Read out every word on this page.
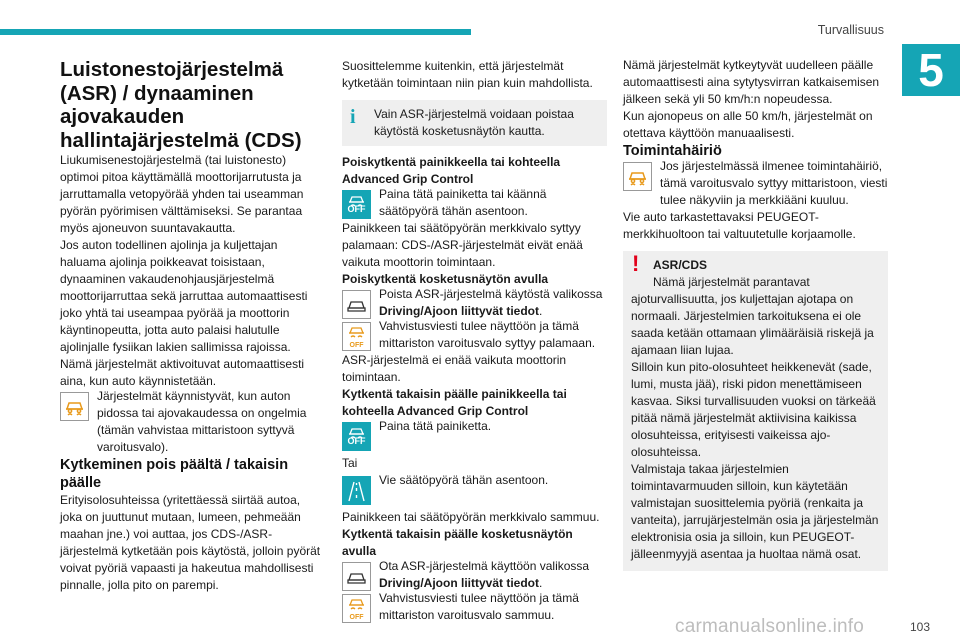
Turvallisuus
5

Luistonestojärjestelmä (ASR) / dynaaminen ajovakauden hallintajärjestelmä (CDS)

Liukumisenestojärjestelmä (tai luistonesto) optimoi pitoa käyttämällä moottorijarrutusta ja jarruttamalla vetopyörää yhden tai useamman pyörän pyörimisen välttämiseksi. Se parantaa myös ajoneuvon suuntavakautta.

Jos auton todellinen ajolinja ja kuljettajan haluama ajolinja poikkeavat toisistaan, dynaaminen vakaudenohjausjärjestelmä moottorijarruttaa sekä jarruttaa automaattisesti joko yhtä tai useampaa pyörää ja moottorin käyntinopeutta, jotta auto palaisi halutulle ajolinjalle fysiikan lakien sallimissa rajoissa.

Nämä järjestelmät aktivoituvat automaattisesti aina, kun auto käynnistetään.

Järjestelmät käynnistyvät, kun auton pidossa tai ajovakaudessa on ongelmia (tämän vahvistaa mittaristoon syttyvä varoitusvalo).

Kytkeminen pois päältä / takaisin päälle

Erityisolosuhteissa (yritettäessä siirtää autoa, joka on juuttunut mutaan, lumeen, pehmeään maahan jne.) voi auttaa, jos CDS-/ASR-järjestelmä kytketään pois käytöstä, jolloin pyörät voivat pyöriä vapaasti ja hakeutua mahdollisesti pinnalle, jolla pito on parempi.

Suosittelemme kuitenkin, että järjestelmät kytketään toimintaan niin pian kuin mahdollista.

i	Vain ASR-järjestelmä voidaan poistaa käytöstä kosketusnäytön kautta.

Poiskytkentä painikkeella tai kohteella Advanced Grip Control

OFF

Paina tätä painiketta tai käännä säätöpyörä tähän asentoon.

Painikkeen tai säätöpyörän merkkivalo syttyy palamaan: CDS-/ASR-järjestelmät eivät enää vaikuta moottorin toimintaan.

Poiskytkentä kosketusnäytön avulla

Poista ASR-järjestelmä käytöstä valikossa Driving/Ajoon liittyvät tiedot.

OFF

Vahvistusviesti tulee näyttöön ja tämä mittariston varoitusvalo syttyy palamaan.

ASR-järjestelmä ei enää vaikuta moottorin toimintaan.

Kytkentä takaisin päälle painikkeella tai kohteella Advanced Grip Control

OFF

Paina tätä painiketta.

Tai

Vie säätöpyörä tähän asentoon.

Painikkeen tai säätöpyörän merkkivalo sammuu.

Kytkentä takaisin päälle kosketusnäytön avulla

Ota ASR-järjestelmä käyttöön valikossa Driving/Ajoon liittyvät tiedot.

OFF

Vahvistusviesti tulee näyttöön ja tämä mittariston varoitusvalo sammuu.

Nämä järjestelmät kytkeytyvät uudelleen päälle automaattisesti aina sytytysvirran katkaisemisen jälkeen sekä yli 50 km/h:n nopeudessa.

Kun ajonopeus on alle 50 km/h, järjestelmät on otettava käyttöön manuaalisesti.

Toimintahäiriö

Jos järjestelmässä ilmenee toimintahäiriö, tämä varoitusvalo syttyy mittaristoon, viesti tulee näkyviin ja merkkiääni kuuluu.

Vie auto tarkastettavaksi PEUGEOT-merkkihuoltoon tai valtuutetulle korjaamolle.

! ASR/CDS

Nämä järjestelmät parantavat ajoturvallisuutta, jos kuljettajan ajotapa on normaali. Järjestelmien tarkoituksena ei ole saada ketään ottamaan ylimääräisiä riskejä ja ajamaan liian lujaa.

Silloin kun pito-olosuhteet heikkenevät (sade, lumi, musta jää), riski pidon menettämiseen kasvaa. Siksi turvallisuuden vuoksi on tärkeää pitää nämä järjestelmät aktiivisina kaikissa olosuhteissa, erityisesti vaikeissa ajo-olosuhteissa.

Valmistaja takaa järjestelmien toimintavarmuuden silloin, kun käytetään valmistajan suosittelemia pyöriä (renkaita ja vanteita), jarrujärjestelmän osia ja järjestelmän elektronisia osia ja silloin, kun PEUGEOT-jälleenmyyjä asentaa ja huoltaa nämä osat.

103
carmanualsonline.info
